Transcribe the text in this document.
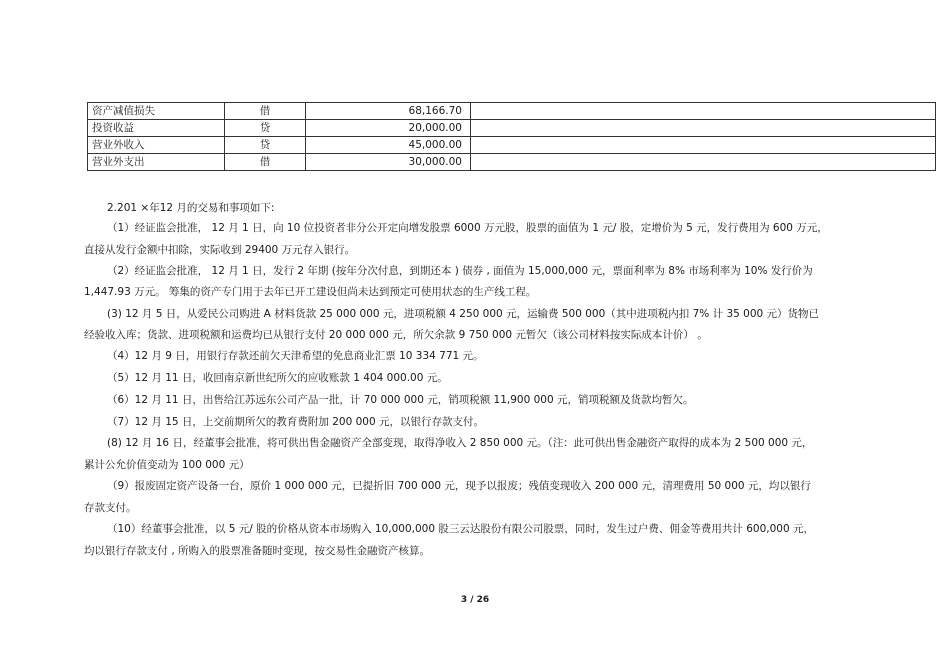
资产减值损失	借	68,166.70	
投资收益	贷	20,000.00	
营业外收入	贷	45,000.00	
营业外支出	借	30,000.00	
2.201 ×年12 月的交易和事项如下:
（1）经证监会批准， 12 月 1 日，向 10 位投资者非分公开定向增发股票 6000 万元股，股票的面值为 1 元/ 股，定增价为 5 元，发行费用为 600 万元，
直接从发行金额中扣除，实际收到 29400 万元存入银行。
（2）经证监会批准， 12 月 1 日，发行 2 年期 (按年分次付息，到期还本 ) 债券 , 面值为 15,000,000 元，票面利率为 8% 市场利率为 10% 发行价为
1,447.93 万元。 筹集的资产专门用于去年已开工建设但尚未达到预定可使用状态的生产线工程。
(3) 12 月 5 日，从爱民公司购进 A 材料货款 25 000 000 元，进项税额 4 250 000 元，运输费 500 000（其中进项税内扣 7% 计 35 000 元）货物已
经验收入库；货款、进项税额和运费均已从银行支付 20 000 000 元，所欠余款 9 750 000 元暂欠（该公司材料按实际成本计价） 。
（4）12 月 9 日，用银行存款还前欠天津希望的免息商业汇票 10 334 771 元。
（5）12 月 11 日，收回南京新世纪所欠的应收账款 1 404 000.00 元。
（6）12 月 11 日，出售给江苏远东公司产品一批，计 70 000 000 元，销项税额 11,900 000 元，销项税额及货款均暂欠。
（7）12 月 15 日，上交前期所欠的教育费附加 200 000 元，以银行存款支付。
(8) 12 月 16 日，经董事会批准，将可供出售金融资产全部变现，取得净收入 2 850 000 元。（注：此可供出售金融资产取得的成本为 2 500 000 元，
累计公允价值变动为 100 000 元）
（9）报废固定资产设备一台，原价 1 000 000 元，已提折旧 700 000 元，现予以报废；残值变现收入 200 000 元，清理费用 50 000 元，均以银行
存款支付。
（10）经董事会批准，以 5 元/ 股的价格从资本市场购入 10,000,000 股三云达股份有限公司股票，同时，发生过户费、佣金等费用共计 600,000 元，
均以银行存款支付 , 所购入的股票准备随时变现，按交易性金融资产核算。
3 / 26
